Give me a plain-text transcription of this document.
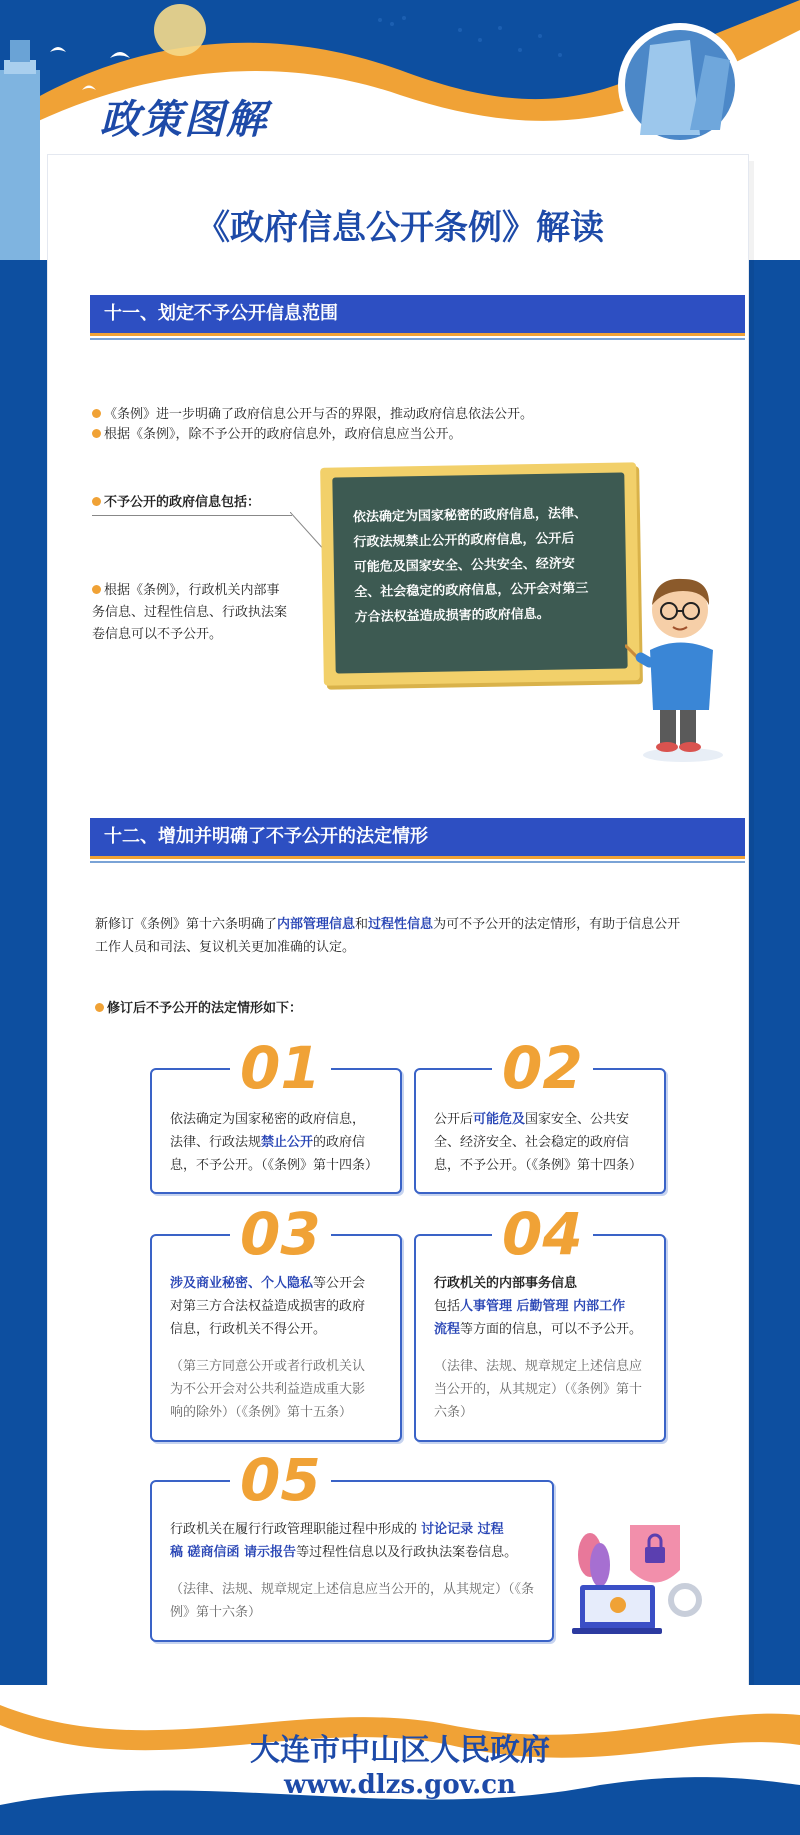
政策图解
《政府信息公开条例》解读
十一、划定不予公开信息范围
《条例》进一步明确了政府信息公开与否的界限，推动政府信息依法公开。
根据《条例》，除不予公开的政府信息外，政府信息应当公开。
不予公开的政府信息包括：
根据《条例》，行政机关内部事
务信息、过程性信息、行政执法案
卷信息可以不予公开。
依法确定为国家秘密的政府信息，法律、
行政法规禁止公开的政府信息，公开后
可能危及国家安全、公共安全、经济安
全、社会稳定的政府信息，公开会对第三
方合法权益造成损害的政府信息。
十二、增加并明确了不予公开的法定情形
新修订《条例》第十六条明确了内部管理信息和过程性信息为可不予公开的法定情形，有助于信息公开
工作人员和司法、复议机关更加准确的认定。
修订后不予公开的法定情形如下：
依法确定为国家秘密的政府信息，
法律、行政法规禁止公开的政府信
息，不予公开。（《条例》第十四条）
01
公开后可能危及国家安全、公共安
全、经济安全、社会稳定的政府信
息，不予公开。（《条例》第十四条）
02
涉及商业秘密、个人隐私等公开会
对第三方合法权益造成损害的政府
信息，行政机关不得公开。
（第三方同意公开或者行政机关认
为不公开会对公共利益造成重大影
响的除外）（《条例》第十五条）
03
行政机关的内部事务信息
包括人事管理 后勤管理 内部工作
流程等方面的信息，可以不予公开。
（法律、法规、规章规定上述信息应
当公开的，从其规定）（《条例》第十
六条）
04
行政机关在履行行政管理职能过程中形成的 讨论记录 过程
稿 磋商信函 请示报告等过程性信息以及行政执法案卷信息。
（法律、法规、规章规定上述信息应当公开的，从其规定）（《条
例》第十六条）
05
大连市中山区人民政府
www.dlzs.gov.cn
